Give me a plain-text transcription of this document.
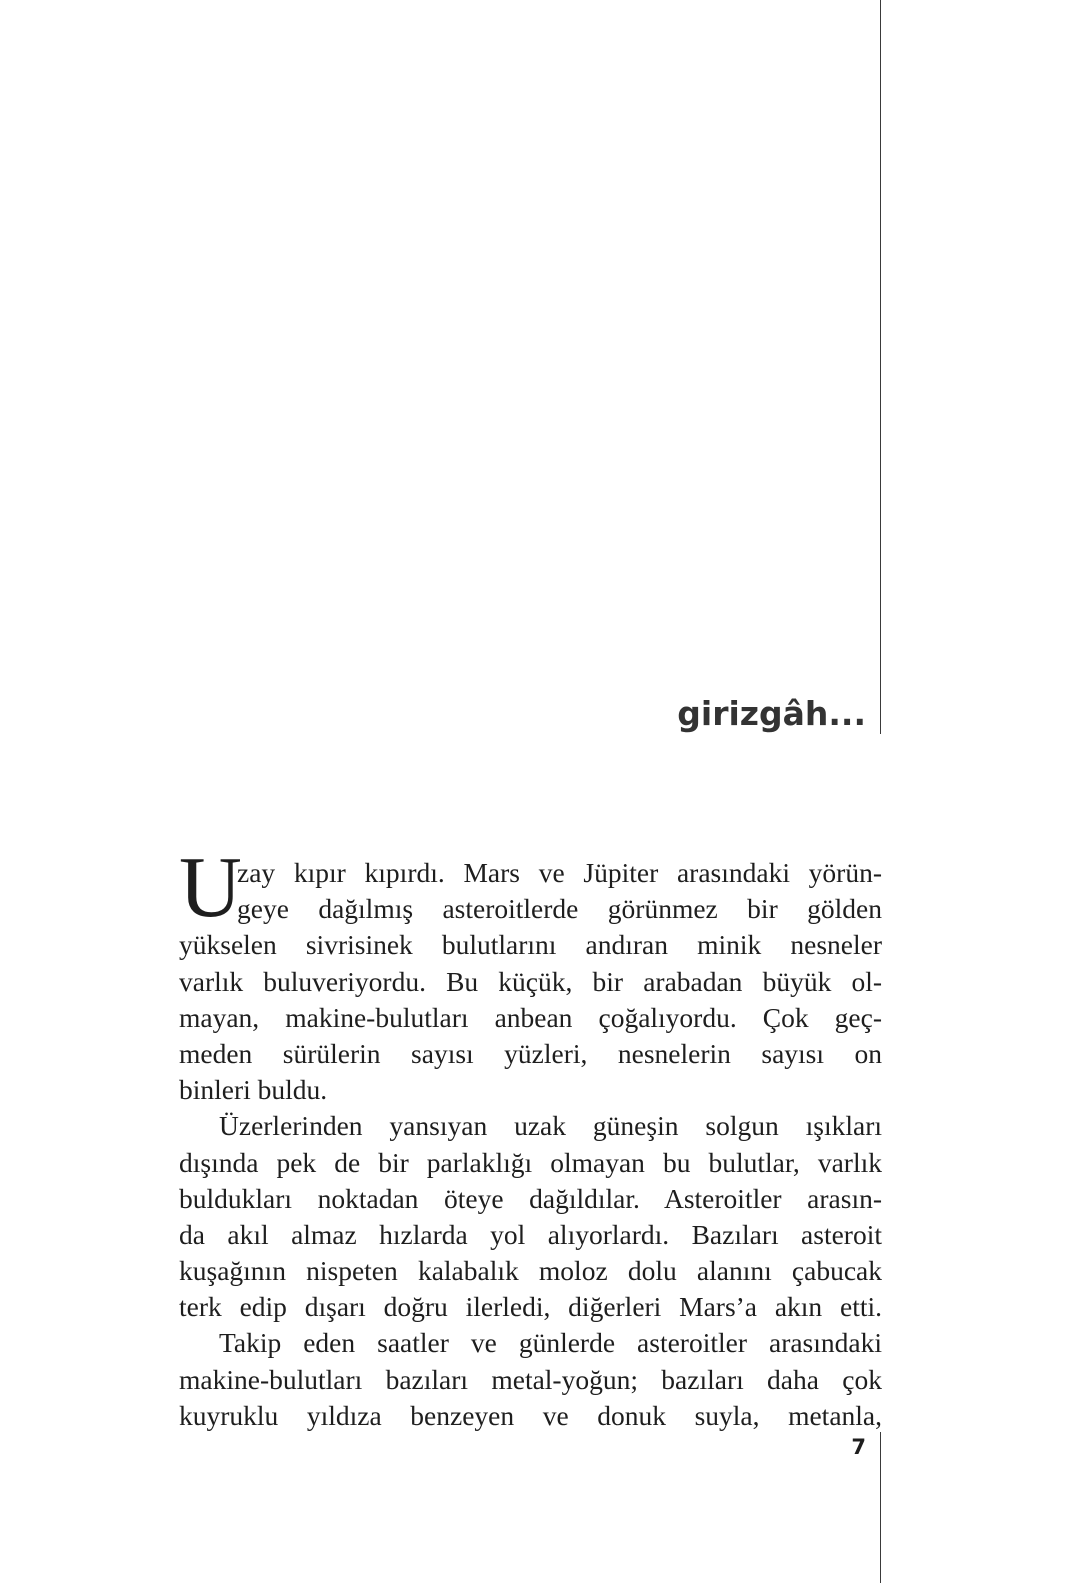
girizgâh...
U
zay kıpır kıpırdı. Mars ve Jüpiter arasındaki yörün-
geye dağılmış asteroitlerde görünmez bir gölden
yükselen sivrisinek bulutlarını andıran minik nesneler
varlık buluveriyordu. Bu küçük, bir arabadan büyük ol-
mayan, makine-bulutları anbean çoğalıyordu. Çok geç-
meden sürülerin sayısı yüzleri, nesnelerin sayısı on
binleri buldu.
Üzerlerinden yansıyan uzak güneşin solgun ışıkları
dışında pek de bir parlaklığı olmayan bu bulutlar, varlık
buldukları noktadan öteye dağıldılar. Asteroitler arasın-
da akıl almaz hızlarda yol alıyorlardı. Bazıları asteroit
kuşağının nispeten kalabalık moloz dolu alanını çabucak
terk edip dışarı doğru ilerledi, diğerleri Mars’a akın etti.
Takip eden saatler ve günlerde asteroitler arasındaki
makine-bulutları bazıları metal-yoğun; bazıları daha çok
kuyruklu yıldıza benzeyen ve donuk suyla, metanla,
7
